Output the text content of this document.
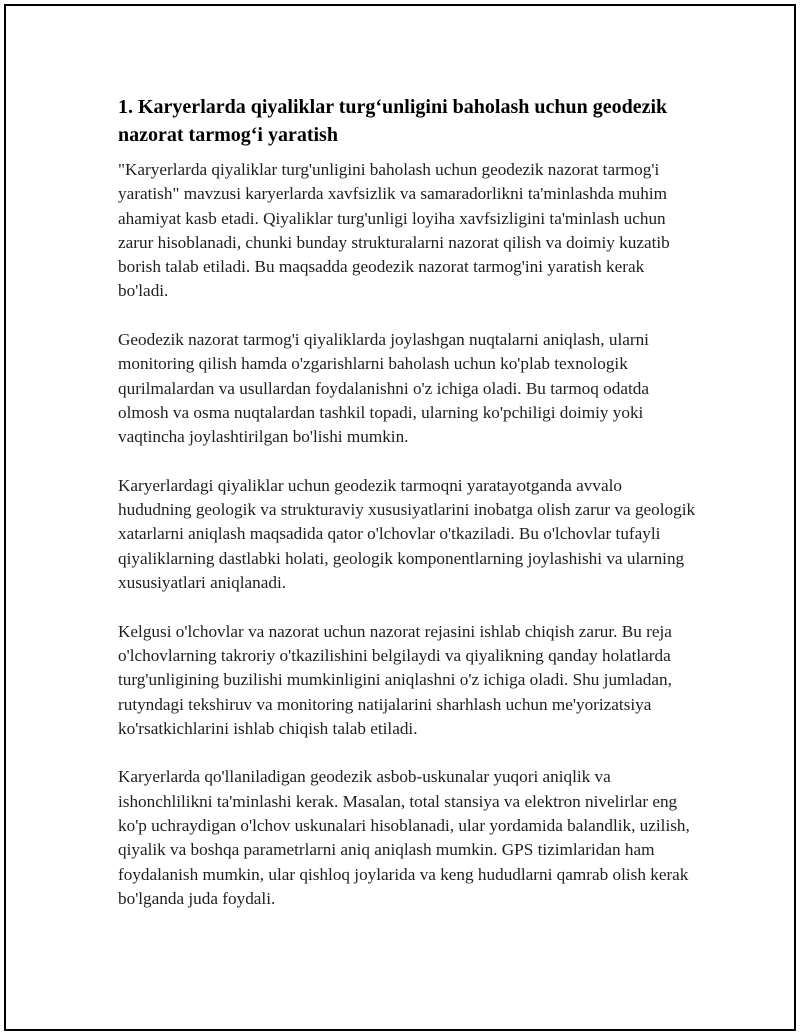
1. Karyerlarda qiyaliklar turg‘unligini baholash uchun geodezik nazorat tarmog‘i yaratish

"Karyerlarda qiyaliklar turg'unligini baholash uchun geodezik nazorat tarmog'i yaratish" mavzusi karyerlarda xavfsizlik va samaradorlikni ta'minlashda muhim ahamiyat kasb etadi. Qiyaliklar turg'unligi loyiha xavfsizligini ta'minlash uchun zarur hisoblanadi, chunki bunday strukturalarni nazorat qilish va doimiy kuzatib borish talab etiladi. Bu maqsadda geodezik nazorat tarmog'ini yaratish kerak bo'ladi.

Geodezik nazorat tarmog'i qiyaliklarda joylashgan nuqtalarni aniqlash, ularni monitoring qilish hamda o'zgarishlarni baholash uchun ko'plab texnologik qurilmalardan va usullardan foydalanishni o'z ichiga oladi. Bu tarmoq odatda olmosh va osma nuqtalardan tashkil topadi, ularning ko'pchiligi doimiy yoki vaqtincha joylashtirilgan bo'lishi mumkin.

Karyerlardagi qiyaliklar uchun geodezik tarmoqni yaratayotganda avvalo hududning geologik va strukturaviy xususiyatlarini inobatga olish zarur va geologik xatarlarni aniqlash maqsadida qator o'lchovlar o'tkaziladi. Bu o'lchovlar tufayli qiyaliklarning dastlabki holati, geologik komponentlarning joylashishi va ularning xususiyatlari aniqlanadi.

Kelgusi o'lchovlar va nazorat uchun nazorat rejasini ishlab chiqish zarur. Bu reja o'lchovlarning takroriy o'tkazilishini belgilaydi va qiyalikning qanday holatlarda turg'unligining buzilishi mumkinligini aniqlashni o'z ichiga oladi. Shu jumladan, rutyndagi tekshiruv va monitoring natijalarini sharhlash uchun me'yorizatsiya ko'rsatkichlarini ishlab chiqish talab etiladi.

Karyerlarda qo'llaniladigan geodezik asbob-uskunalar yuqori aniqlik va ishonchlilikni ta'minlashi kerak. Masalan, total stansiya va elektron nivelirlar eng ko'p uchraydigan o'lchov uskunalari hisoblanadi, ular yordamida balandlik, uzilish, qiyalik va boshqa parametrlarni aniq aniqlash mumkin. GPS tizimlaridan ham foydalanish mumkin, ular qishloq joylarida va keng hududlarni qamrab olish kerak bo'lganda juda foydali.
